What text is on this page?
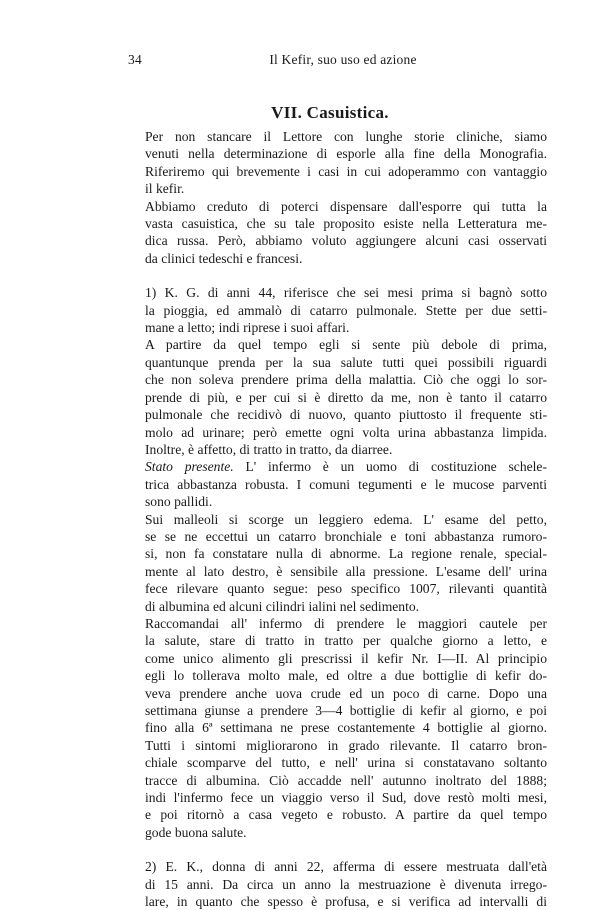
34	Il Kefir, suo uso ed azione
VII. Casuistica.

Per non stancare il Lettore con lunghe storie cliniche, siamo
venuti nella determinazione di esporle alla fine della Monografia.
Riferiremo qui brevemente i casi in cui adoperammo con vantaggio
il kefir.

Abbiamo creduto di poterci dispensare dall'esporre qui tutta la
vasta casuistica, che su tale proposito esiste nella Letteratura me-
dica russa. Però, abbiamo voluto aggiungere alcuni casi osservati
da clinici tedeschi e francesi.

1) K. G. di anni 44, riferisce che sei mesi prima si bagnò sotto
la pioggia, ed ammalò di catarro pulmonale. Stette per due setti-
mane a letto; indi riprese i suoi affari.

A partire da quel tempo egli si sente più debole di prima,
quantunque prenda per la sua salute tutti quei possibili riguardi
che non soleva prendere prima della malattia. Ciò che oggi lo sor-
prende di più, e per cui si è diretto da me, non è tanto il catarro
pulmonale che recidivò di nuovo, quanto piuttosto il frequente sti-
molo ad urinare; però emette ogni volta urina abbastanza limpida.
Inoltre, è affetto, di tratto in tratto, da diarree.

Stato presente. L' infermo è un uomo di costituzione schele-
trica abbastanza robusta. I comuni tegumenti e le mucose parventi
sono pallidi.

Sui malleoli si scorge un leggiero edema. L' esame del petto,
se se ne eccettui un catarro bronchiale e toni abbastanza rumoro-
si, non fa constatare nulla di abnorme. La regione renale, special-
mente al lato destro, è sensibile alla pressione. L'esame dell' urina
fece rilevare quanto segue: peso specifico 1007, rilevanti quantità
di albumina ed alcuni cilindri ialini nel sedimento.

Raccomandai all' infermo di prendere le maggiori cautele per
la salute, stare di tratto in tratto per qualche giorno a letto, e
come unico alimento gli prescrissi il kefir Nr. I—II. Al principio
egli lo tollerava molto male, ed oltre a due bottiglie di kefir do-
veva prendere anche uova crude ed un poco di carne. Dopo una
settimana giunse a prendere 3—4 bottiglie di kefir al giorno, e poi
fino alla 6ª settimana ne prese costantemente 4 bottiglie al giorno.
Tutti i sintomi migliorarono in grado rilevante. Il catarro bron-
chiale scomparve del tutto, e nell' urina si constatavano soltanto
tracce di albumina. Ciò accadde nell' autunno inoltrato del 1888;
indi l'infermo fece un viaggio verso il Sud, dove restò molti mesi,
e poi ritornò a casa vegeto e robusto. A partire da quel tempo
gode buona salute.

2) E. K., donna di anni 22, afferma di essere mestruata dall'età
di 15 anni. Da circa un anno la mestruazione è divenuta irrego-
lare, in quanto che spesso è profusa, e si verifica ad intervalli di
